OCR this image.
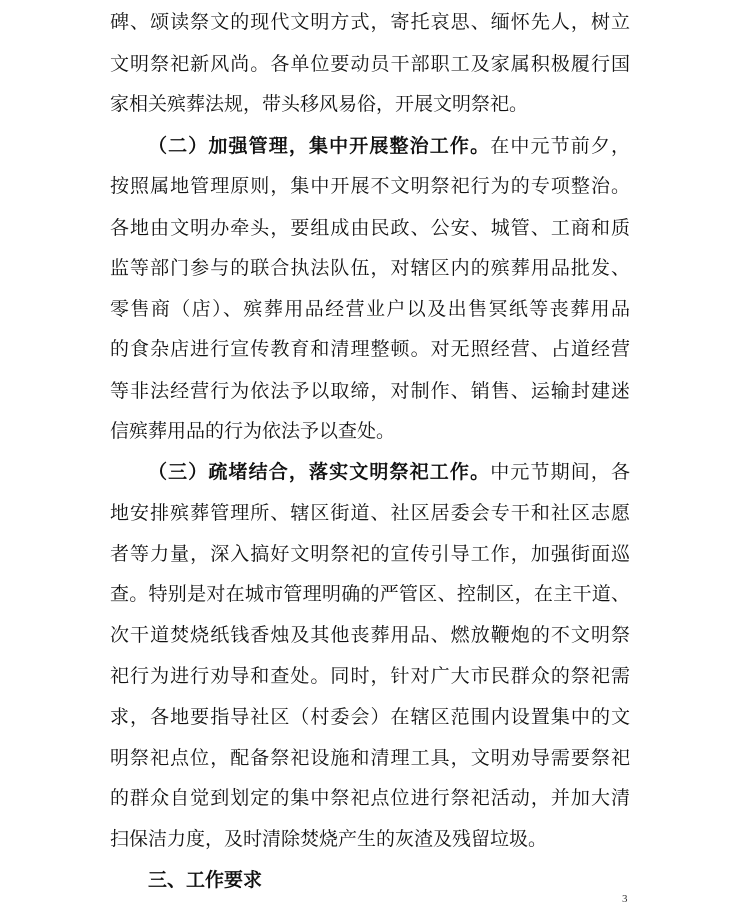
碑、颂读祭文的现代文明方式，寄托哀思、缅怀先人，树立
文明祭祀新风尚。各单位要动员干部职工及家属积极履行国
家相关殡葬法规，带头移风易俗，开展文明祭祀。
（二）加强管理，集中开展整治工作。在中元节前夕，
按照属地管理原则，集中开展不文明祭祀行为的专项整治。
各地由文明办牵头，要组成由民政、公安、城管、工商和质
监等部门参与的联合执法队伍，对辖区内的殡葬用品批发、
零售商（店）、殡葬用品经营业户以及出售冥纸等丧葬用品
的食杂店进行宣传教育和清理整顿。对无照经营、占道经营
等非法经营行为依法予以取缔，对制作、销售、运输封建迷
信殡葬用品的行为依法予以查处。
（三）疏堵结合，落实文明祭祀工作。中元节期间，各
地安排殡葬管理所、辖区街道、社区居委会专干和社区志愿
者等力量，深入搞好文明祭祀的宣传引导工作，加强街面巡
查。特别是对在城市管理明确的严管区、控制区，在主干道、
次干道焚烧纸钱香烛及其他丧葬用品、燃放鞭炮的不文明祭
祀行为进行劝导和查处。同时，针对广大市民群众的祭祀需
求，各地要指导社区（村委会）在辖区范围内设置集中的文
明祭祀点位，配备祭祀设施和清理工具，文明劝导需要祭祀
的群众自觉到划定的集中祭祀点位进行祭祀活动，并加大清
扫保洁力度，及时清除焚烧产生的灰渣及残留垃圾。
三、工作要求
3
